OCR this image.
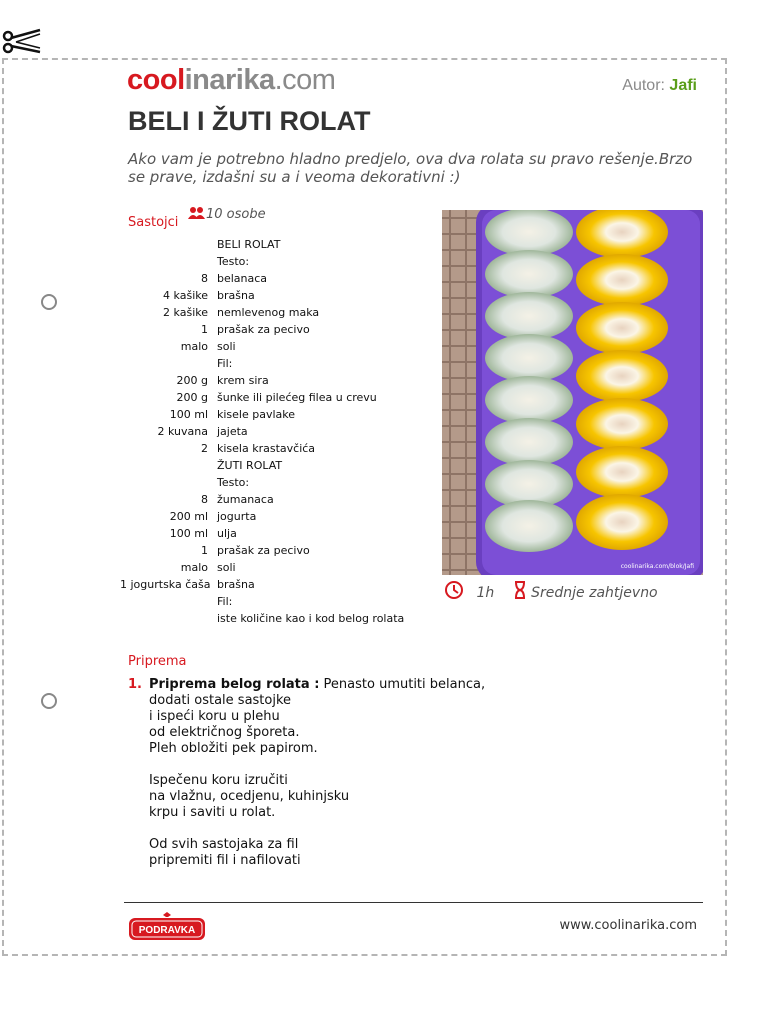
coolinarika.com	Autor: Jafi
BELI I ŽUTI ROLAT
Ako vam je potrebno hladno predjelo, ova dva rolata su pravo rešenje.Brzo se prave, izdašni su a i veoma dekorativni :)
Sastojci
10 osobe
BELI ROLAT
Testo:
8 belanaca
4 kašike brašna
2 kašike nemlevenog maka
1 prašak za pecivo
malo soli
Fil:
200 g krem sira
200 g šunke ili pilećeg filea u crevu
100 ml kisele pavlake
2 kuvana jajeta
2 kisela krastavčića
ŽUTI ROLAT
Testo:
8 žumanaca
200 ml jogurta
100 ml ulja
1 prašak za pecivo
malo soli
1 jogurtska čaša brašna
Fil:
iste količine kao i kod belog rolata
coolinarika.com/blok/Jafi
1h	Srednje zahtjevno
Priprema
1. Priprema belog rolata : Penasto umutiti belanca,
dodati ostale sastojke
i ispeći koru u plehu
od električnog šporeta.
Pleh obložiti pek papirom.
Ispečenu koru izručiti
na vlažnu, ocedjenu, kuhinjsku
krpu i saviti u rolat.
Od svih sastojaka za fil
pripremiti fil i nafilovati
PODRAVKA	www.coolinarika.com
